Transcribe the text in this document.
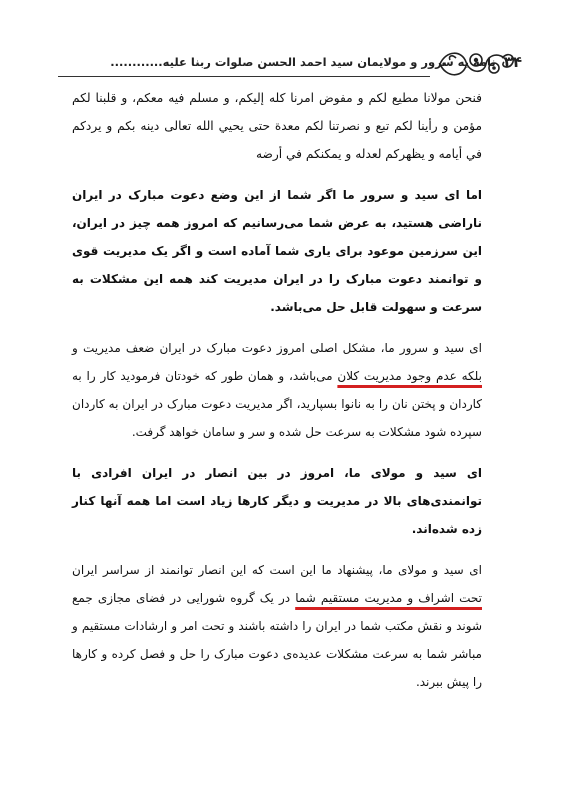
۳۴
نامه به سرور و مولایمان سید احمد الحسن صلوات ربنا علیه............

فنحن مولانا مطيع لكم و مفوض امرنا كله إليكم، و مسلم فيه معكم، و قلبنا لكم مؤمن و رأينا لكم تبع و نصرتنا لكم معدة حتى يحيي الله تعالى دينه بكم و يردكم في أيامه و يظهركم لعدله و يمكنكم في أرضه

اما ای سید و سرور ما اگر شما از این وضع دعوت مبارک در ایران ناراضی هستید، به عرض شما می‌رسانیم که امروز همه چیز در ایران، این سرزمین موعود برای یاری شما آماده است و اگر یک مدیریت قوی و توانمند دعوت مبارک را در ایران مدیریت کند همه این مشکلات به سرعت و سهولت قابل حل می‌باشد.

ای سید و سرور ما، مشکل اصلی امروز دعوت مبارک در ایران ضعف مدیریت و بلکه عدم وجود مدیریت کلان می‌باشد، و همان طور که خودتان فرمودید کار را به کاردان و پختن نان را به نانوا بسپارید، اگر مدیریت دعوت مبارک در ایران به کاردان سپرده شود مشکلات به سرعت حل شده و سر و سامان خواهد گرفت.

ای سید و مولای ما، امروز در بین انصار در ایران افرادی با توانمندی‌های بالا در مدیریت و دیگر کارها زیاد است اما همه آنها کنار زده شده‌اند.

ای سید و مولای ما، پیشنهاد ما این است که این انصار توانمند از سراسر ایران تحت اشراف و مدیریت مستقیم شما در یک گروه شورایی در فضای مجازی جمع شوند و نقش مکتب شما در ایران را داشته باشند و تحت امر و ارشادات مستقیم و مباشر شما به سرعت مشکلات عدیده‌ی دعوت مبارک را حل و فصل کرده و کارها را پیش ببرند.
